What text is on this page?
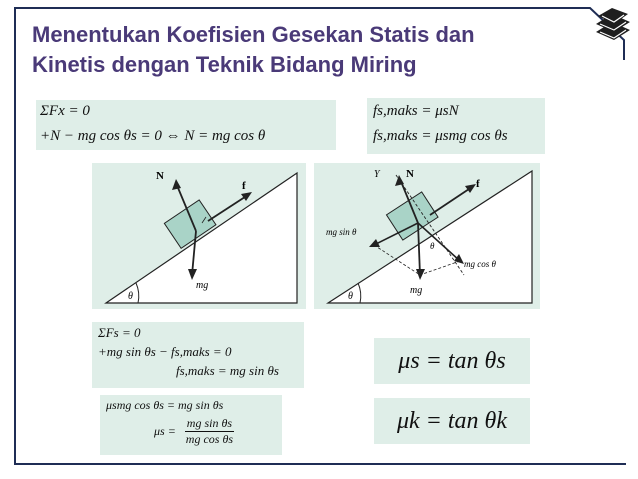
Menentukan Koefisien Gesekan Statis dan
Kinetis dengan Teknik Bidang Miring
ΣFx = 0
+N − mg cos θs = 0 ⇔ N = mg cos θ
fs,maks = μsN
fs,maks = μsmg cos θs
N
f
mg
θ
Y N
f
mg sin θ
θ
mg cos θ
mg
θ
ΣFs = 0
+mg sin θs − fs,maks = 0
fs,maks = mg sin θs
μsmg cos θs = mg sin θs
$\mu s = \frac{\text{mg sin θs}}{\text{mg cos θs}}$
μs = tan θs
μk = tan θk
